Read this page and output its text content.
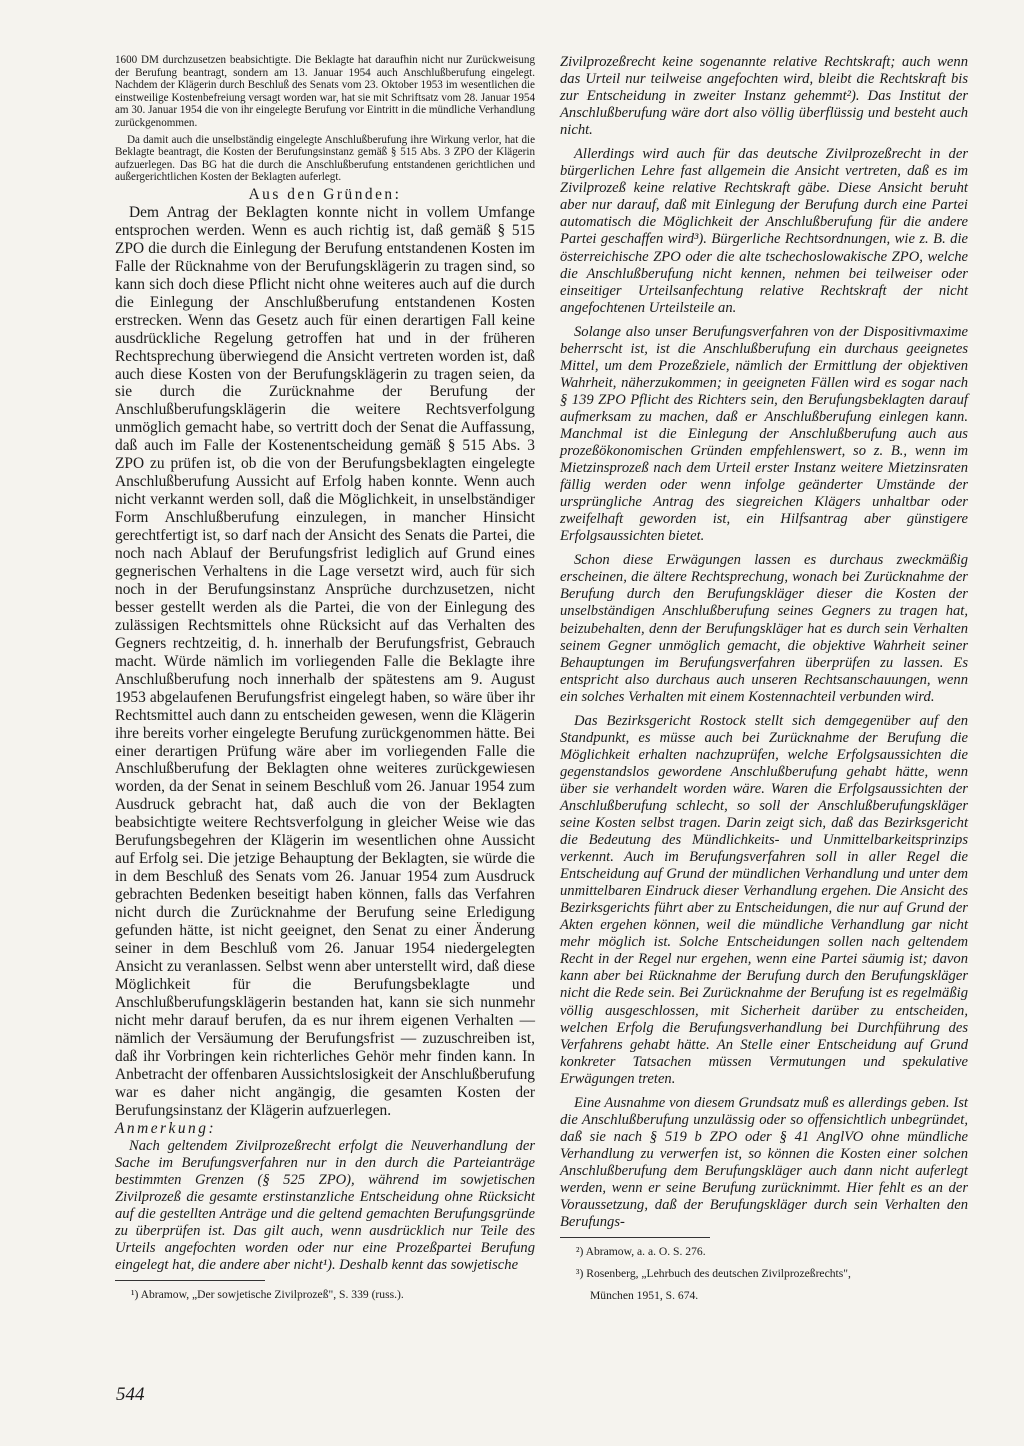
1600 DM durchzusetzen beabsichtigte. Die Beklagte hat daraufhin nicht nur Zurückweisung der Berufung beantragt, sondern am 13. Januar 1954 auch Anschlußberufung eingelegt. Nachdem der Klägerin durch Beschluß des Senats vom 23. Oktober 1953 im wesentlichen die einstweilige Kostenbefreiung versagt worden war, hat sie mit Schriftsatz vom 28. Januar 1954 am 30. Januar 1954 die von ihr eingelegte Berufung vor Eintritt in die mündliche Verhandlung zurückgenommen.

Da damit auch die unselbständig eingelegte Anschlußberufung ihre Wirkung verlor, hat die Beklagte beantragt, die Kosten der Berufungsinstanz gemäß § 515 Abs. 3 ZPO der Klägerin aufzuerlegen. Das BG hat die durch die Anschlußberufung entstandenen gerichtlichen und außergerichtlichen Kosten der Beklagten auferlegt.

Aus den Gründen:

Dem Antrag der Beklagten konnte nicht in vollem Umfange entsprochen werden. Wenn es auch richtig ist, daß gemäß § 515 ZPO die durch die Einlegung der Berufung entstandenen Kosten im Falle der Rücknahme von der Berufungsklägerin zu tragen sind, so kann sich doch diese Pflicht nicht ohne weiteres auch auf die durch die Einlegung der Anschlußberufung entstandenen Kosten erstrecken. Wenn das Gesetz auch für einen derartigen Fall keine ausdrückliche Regelung getroffen hat und in der früheren Rechtsprechung überwiegend die Ansicht vertreten worden ist, daß auch diese Kosten von der Berufungsklägerin zu tragen seien, da sie durch die Zurücknahme der Berufung der Anschlußberufungsklägerin die weitere Rechtsverfolgung unmöglich gemacht habe, so vertritt doch der Senat die Auffassung, daß auch im Falle der Kostenentscheidung gemäß § 515 Abs. 3 ZPO zu prüfen ist, ob die von der Berufungsbeklagten eingelegte Anschlußberufung Aussicht auf Erfolg haben konnte. Wenn auch nicht verkannt werden soll, daß die Möglichkeit, in unselbständiger Form Anschlußberufung einzulegen, in mancher Hinsicht gerechtfertigt ist, so darf nach der Ansicht des Senats die Partei, die noch nach Ablauf der Berufungsfrist lediglich auf Grund eines gegnerischen Verhaltens in die Lage versetzt wird, auch für sich noch in der Berufungsinstanz Ansprüche durchzusetzen, nicht besser gestellt werden als die Partei, die von der Einlegung des zulässigen Rechtsmittels ohne Rücksicht auf das Verhalten des Gegners rechtzeitig, d. h. innerhalb der Berufungsfrist, Gebrauch macht. Würde nämlich im vorliegenden Falle die Beklagte ihre Anschlußberufung noch innerhalb der spätestens am 9. August 1953 abgelaufenen Berufungsfrist eingelegt haben, so wäre über ihr Rechtsmittel auch dann zu entscheiden gewesen, wenn die Klägerin ihre bereits vorher eingelegte Berufung zurückgenommen hätte. Bei einer derartigen Prüfung wäre aber im vorliegenden Falle die Anschlußberufung der Beklagten ohne weiteres zurückgewiesen worden, da der Senat in seinem Beschluß vom 26. Januar 1954 zum Ausdruck gebracht hat, daß auch die von der Beklagten beabsichtigte weitere Rechtsverfolgung in gleicher Weise wie das Berufungsbegehren der Klägerin im wesentlichen ohne Aussicht auf Erfolg sei. Die jetzige Behauptung der Beklagten, sie würde die in dem Beschluß des Senats vom 26. Januar 1954 zum Ausdruck gebrachten Bedenken beseitigt haben können, falls das Verfahren nicht durch die Zurücknahme der Berufung seine Erledigung gefunden hätte, ist nicht geeignet, den Senat zu einer Änderung seiner in dem Beschluß vom 26. Januar 1954 niedergelegten Ansicht zu veranlassen. Selbst wenn aber unterstellt wird, daß diese Möglichkeit für die Berufungsbeklagte und Anschlußberufungsklägerin bestanden hat, kann sie sich nunmehr nicht mehr darauf berufen, da es nur ihrem eigenen Verhalten — nämlich der Versäumung der Berufungsfrist — zuzuschreiben ist, daß ihr Vorbringen kein richterliches Gehör mehr finden kann. In Anbetracht der offenbaren Aussichtslosigkeit der Anschlußberufung war es daher nicht angängig, die gesamten Kosten der Berufungsinstanz der Klägerin aufzuerlegen.

Anmerkung:

Nach geltendem Zivilprozeßrecht erfolgt die Neuverhandlung der Sache im Berufungsverfahren nur in den durch die Parteianträge bestimmten Grenzen (§ 525 ZPO), während im sowjetischen Zivilprozeß die gesamte erstinstanzliche Entscheidung ohne Rücksicht auf die gestellten Anträge und die geltend gemachten Berufungsgründe zu überprüfen ist. Das gilt auch, wenn ausdrücklich nur Teile des Urteils angefochten worden oder nur eine Prozeßpartei Berufung eingelegt hat, die andere aber nicht¹). Deshalb kennt das sowjetische

¹) Abramow, „Der sowjetische Zivilprozeß", S. 339 (russ.).

Zivilprozeßrecht keine sogenannte relative Rechtskraft; auch wenn das Urteil nur teilweise angefochten wird, bleibt die Rechtskraft bis zur Entscheidung in zweiter Instanz gehemmt²). Das Institut der Anschlußberufung wäre dort also völlig überflüssig und besteht auch nicht.

Allerdings wird auch für das deutsche Zivilprozeßrecht in der bürgerlichen Lehre fast allgemein die Ansicht vertreten, daß es im Zivilprozeß keine relative Rechtskraft gäbe. Diese Ansicht beruht aber nur darauf, daß mit Einlegung der Berufung durch eine Partei automatisch die Möglichkeit der Anschlußberufung für die andere Partei geschaffen wird³). Bürgerliche Rechtsordnungen, wie z. B. die österreichische ZPO oder die alte tschechoslowakische ZPO, welche die Anschlußberufung nicht kennen, nehmen bei teilweiser oder einseitiger Urteilsanfechtung relative Rechtskraft der nicht angefochtenen Urteilsteile an.

Solange also unser Berufungsverfahren von der Dispositivmaxime beherrscht ist, ist die Anschlußberufung ein durchaus geeignetes Mittel, um dem Prozeßziele, nämlich der Ermittlung der objektiven Wahrheit, näherzukommen; in geeigneten Fällen wird es sogar nach § 139 ZPO Pflicht des Richters sein, den Berufungsbeklagten darauf aufmerksam zu machen, daß er Anschlußberufung einlegen kann. Manchmal ist die Einlegung der Anschlußberufung auch aus prozeßökonomischen Gründen empfehlenswert, so z. B., wenn im Mietzinsprozeß nach dem Urteil erster Instanz weitere Mietzinsraten fällig werden oder wenn infolge geänderter Umstände der ursprüngliche Antrag des siegreichen Klägers unhaltbar oder zweifelhaft geworden ist, ein Hilfsantrag aber günstigere Erfolgsaussichten bietet.

Schon diese Erwägungen lassen es durchaus zweckmäßig erscheinen, die ältere Rechtsprechung, wonach bei Zurücknahme der Berufung durch den Berufungskläger dieser die Kosten der unselbständigen Anschlußberufung seines Gegners zu tragen hat, beizubehalten, denn der Berufungskläger hat es durch sein Verhalten seinem Gegner unmöglich gemacht, die objektive Wahrheit seiner Behauptungen im Berufungsverfahren überprüfen zu lassen. Es entspricht also durchaus auch unseren Rechtsanschauungen, wenn ein solches Verhalten mit einem Kostennachteil verbunden wird.

Das Bezirksgericht Rostock stellt sich demgegenüber auf den Standpunkt, es müsse auch bei Zurücknahme der Berufung die Möglichkeit erhalten nachzuprüfen, welche Erfolgsaussichten die gegenstandslos gewordene Anschlußberufung gehabt hätte, wenn über sie verhandelt worden wäre. Waren die Erfolgsaussichten der Anschlußberufung schlecht, so soll der Anschlußberufungskläger seine Kosten selbst tragen. Darin zeigt sich, daß das Bezirksgericht die Bedeutung des Mündlichkeits- und Unmittelbarkeitsprinzips verkennt. Auch im Berufungsverfahren soll in aller Regel die Entscheidung auf Grund der mündlichen Verhandlung und unter dem unmittelbaren Eindruck dieser Verhandlung ergehen. Die Ansicht des Bezirksgerichts führt aber zu Entscheidungen, die nur auf Grund der Akten ergehen können, weil die mündliche Verhandlung gar nicht mehr möglich ist. Solche Entscheidungen sollen nach geltendem Recht in der Regel nur ergehen, wenn eine Partei säumig ist; davon kann aber bei Rücknahme der Berufung durch den Berufungskläger nicht die Rede sein. Bei Zurücknahme der Berufung ist es regelmäßig völlig ausgeschlossen, mit Sicherheit darüber zu entscheiden, welchen Erfolg die Berufungsverhandlung bei Durchführung des Verfahrens gehabt hätte. An Stelle einer Entscheidung auf Grund konkreter Tatsachen müssen Vermutungen und spekulative Erwägungen treten.

Eine Ausnahme von diesem Grundsatz muß es allerdings geben. Ist die Anschlußberufung unzulässig oder so offensichtlich unbegründet, daß sie nach § 519 b ZPO oder § 41 AnglVO ohne mündliche Verhandlung zu verwerfen ist, so können die Kosten einer solchen Anschlußberufung dem Berufungskläger auch dann nicht auferlegt werden, wenn er seine Berufung zurücknimmt. Hier fehlt es an der Voraussetzung, daß der Berufungskläger durch sein Verhalten den Berufungs-

²) Abramow, a. a. O. S. 276.

³) Rosenberg, „Lehrbuch des deutschen Zivilprozeßrechts",

München 1951, S. 674.

544
